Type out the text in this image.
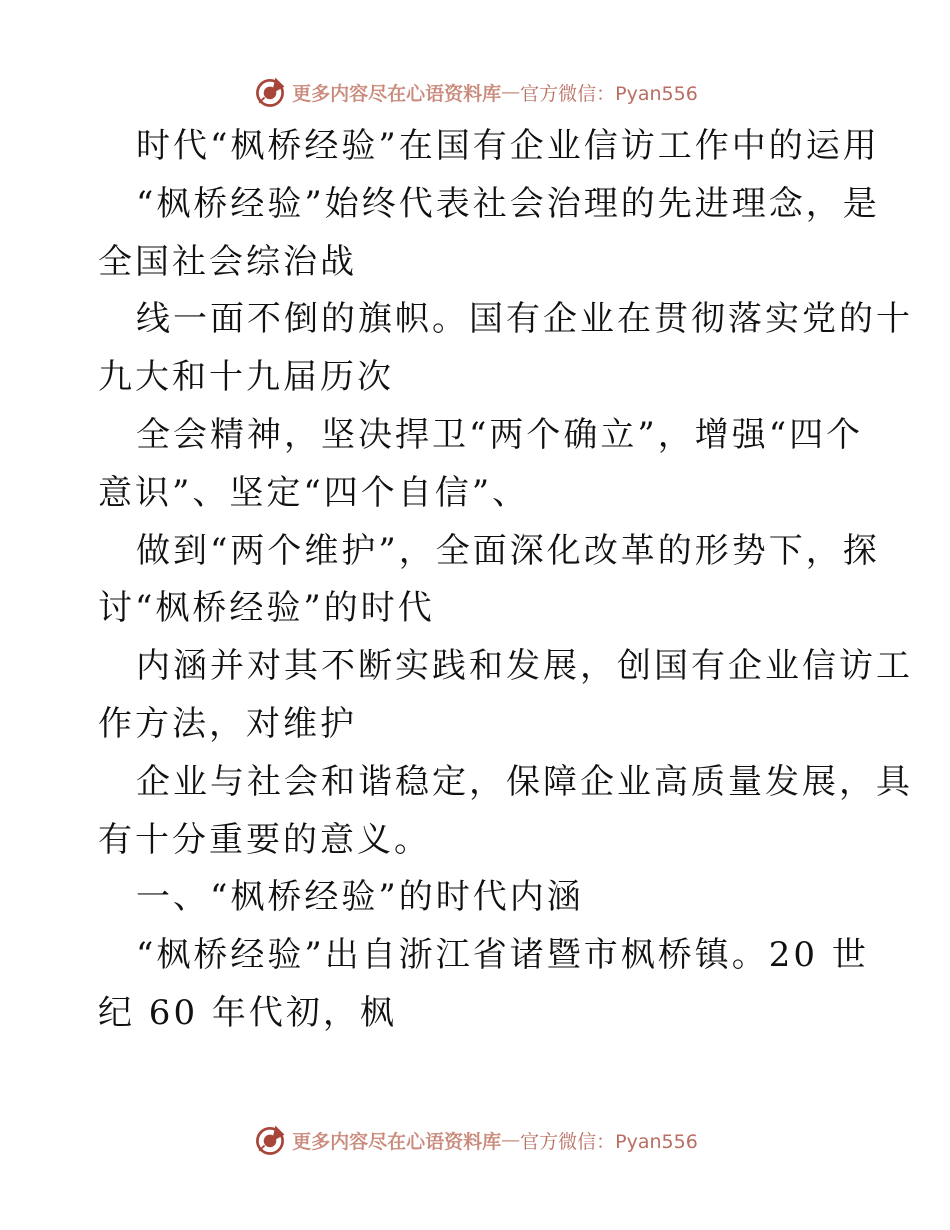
更多内容尽在心语资料库 — 官方微信：Pyan556
时代“枫桥经验”在国有企业信访工作中的运用
“枫桥经验”始终代表社会治理的先进理念，是
全国社会综治战
线一面不倒的旗帜。国有企业在贯彻落实党的十
九大和十九届历次
全会精神，坚决捍卫“两个确立”，增强“四个
意识”、坚定“四个自信”、
做到“两个维护”，全面深化改革的形势下，探
讨“枫桥经验”的时代
内涵并对其不断实践和发展，创国有企业信访工
作方法，对维护
企业与社会和谐稳定，保障企业高质量发展，具
有十分重要的意义。
一、“枫桥经验”的时代内涵
“枫桥经验”出自浙江省诸暨市枫桥镇。20 世
纪 60 年代初，枫
更多内容尽在心语资料库 — 官方微信：Pyan556
